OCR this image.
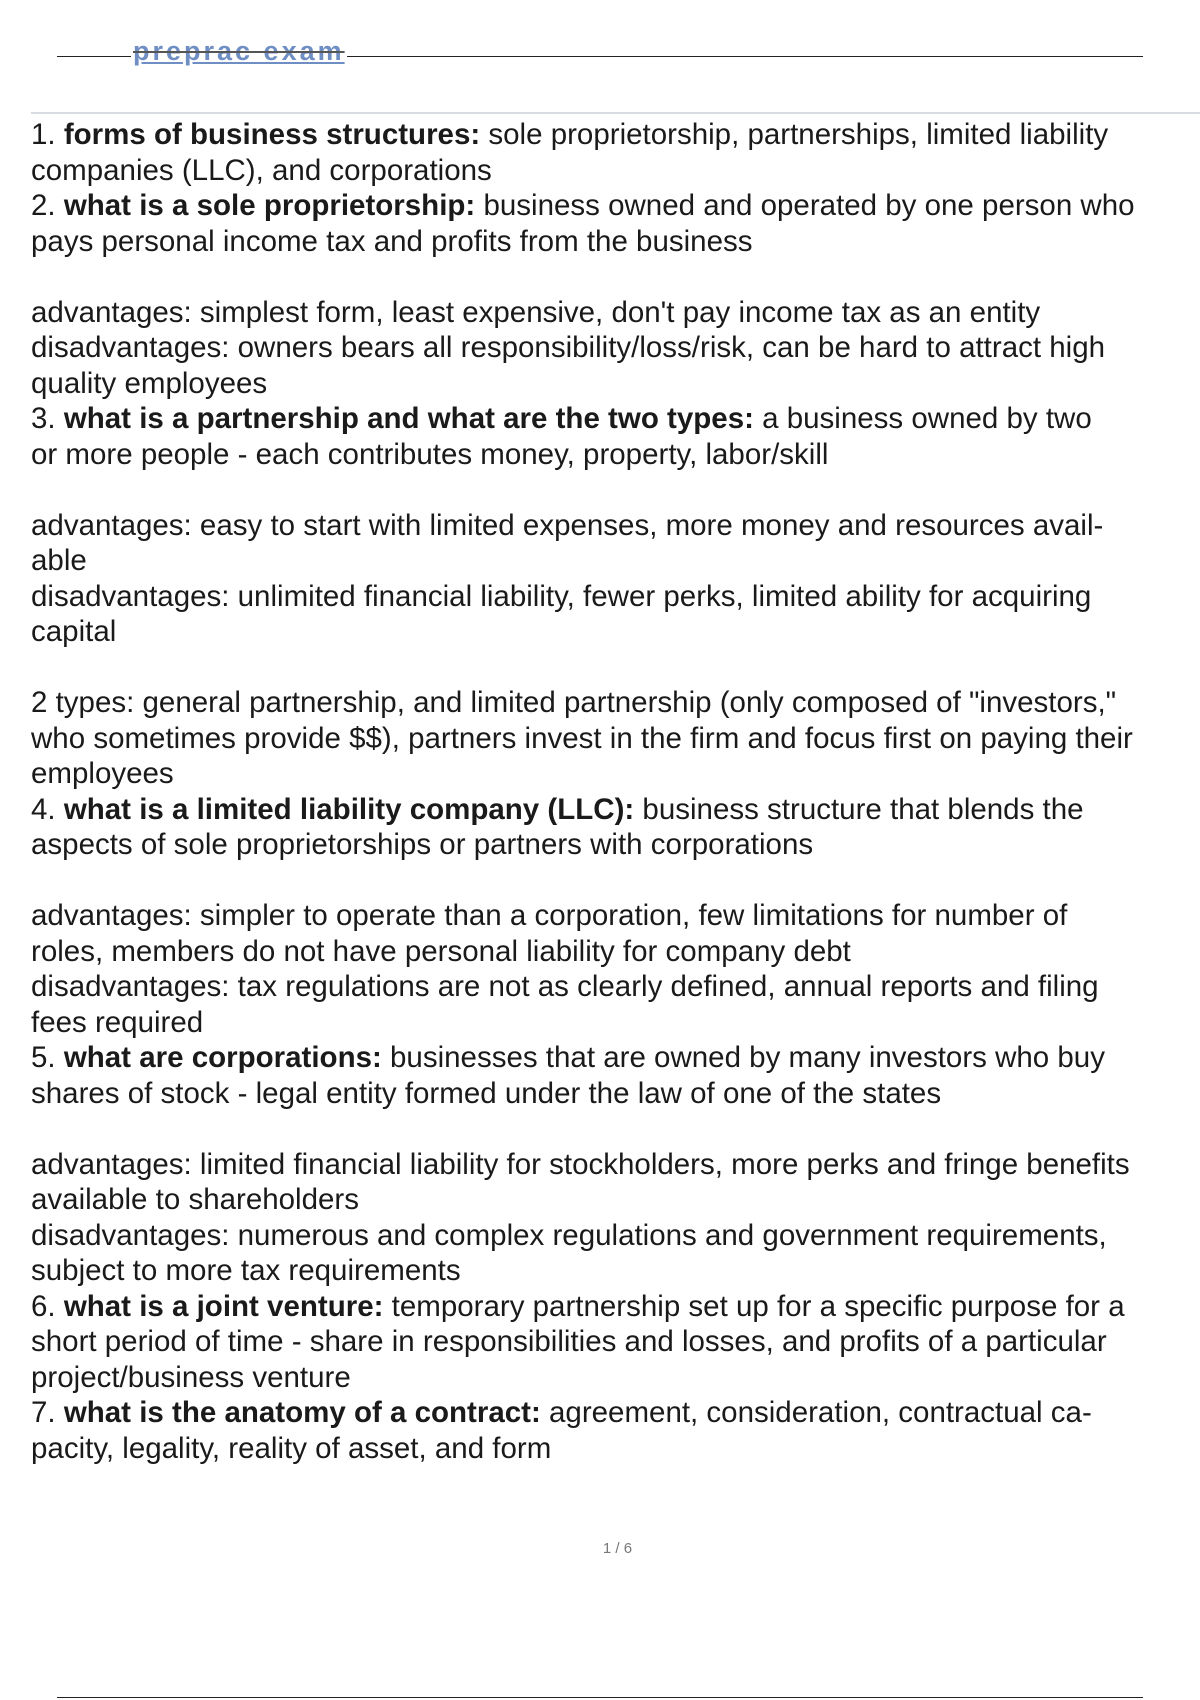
preprac exam
1. forms of business structures: sole proprietorship, partnerships, limited liability
companies (LLC), and corporations
2. what is a sole proprietorship: business owned and operated by one person who
pays personal income tax and profits from the business
advantages: simplest form, least expensive, don't pay income tax as an entity
disadvantages: owners bears all responsibility/loss/risk, can be hard to attract high
quality employees
3. what is a partnership and what are the two types: a business owned by two
or more people - each contributes money, property, labor/skill
advantages: easy to start with limited expenses, more money and resources avail-
able
disadvantages: unlimited financial liability, fewer perks, limited ability for acquiring
capital
2 types: general partnership, and limited partnership (only composed of "investors,"
who sometimes provide $$), partners invest in the firm and focus first on paying their
employees
4. what is a limited liability company (LLC): business structure that blends the
aspects of sole proprietorships or partners with corporations
advantages: simpler to operate than a corporation, few limitations for number of
roles, members do not have personal liability for company debt
disadvantages: tax regulations are not as clearly defined, annual reports and filing
fees required
5. what are corporations: businesses that are owned by many investors who buy
shares of stock - legal entity formed under the law of one of the states
advantages: limited financial liability for stockholders, more perks and fringe benefits
available to shareholders
disadvantages: numerous and complex regulations and government requirements,
subject to more tax requirements
6. what is a joint venture: temporary partnership set up for a specific purpose for a
short period of time - share in responsibilities and losses, and profits of a particular
project/business venture
7. what is the anatomy of a contract: agreement, consideration, contractual ca-
pacity, legality, reality of asset, and form
1 / 6
